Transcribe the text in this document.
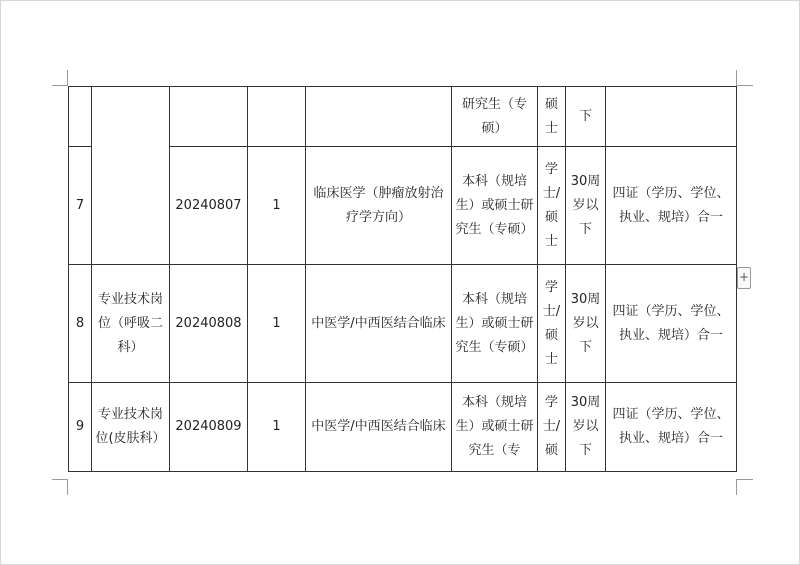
					研究生（专硕）	硕士	下	

7		20240807	1	临床医学（肿瘤放射治疗学方向）	本科（规培生）或硕士研究生（专硕）	学士/硕士	30周岁以下	四证（学历、学位、执业、规培）合一
8	专业技术岗位（呼吸二科）	20240808	1	中医学/中西医结合临床	本科（规培生）或硕士研究生（专硕）	学士/硕士	30周岁以下	四证（学历、学位、执业、规培）合一
9	专业技术岗位(皮肤科）	20240809	1	中医学/中西医结合临床	本科（规培生）或硕士研究生（专	学士/硕	30周岁以下	四证（学历、学位、执业、规培）合一
+
